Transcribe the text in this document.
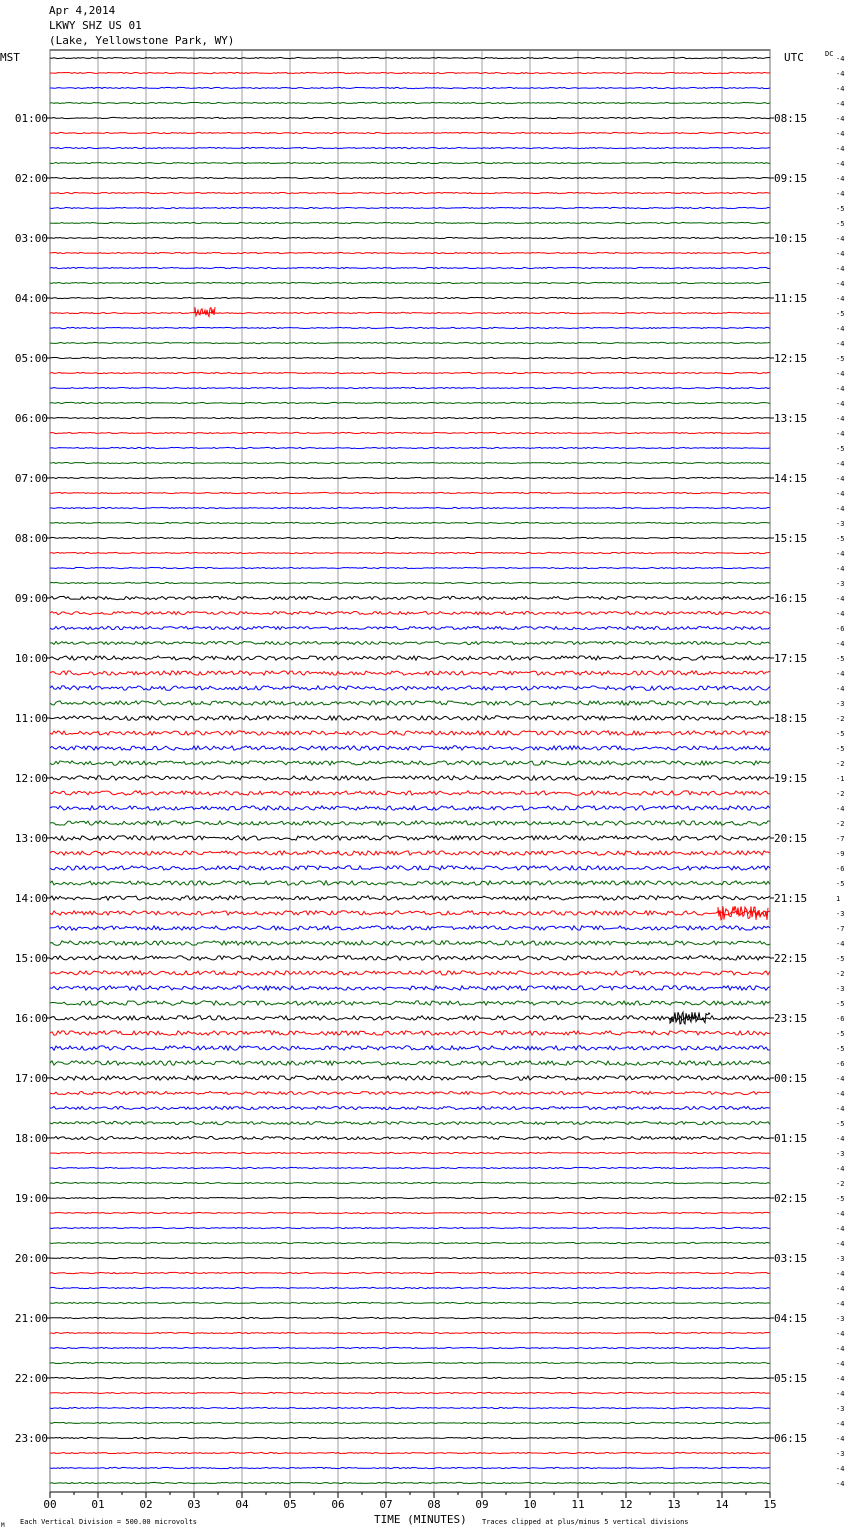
Apr 4,2014
LKWY SHZ US 01
(Lake, Yellowstone Park, WY)
00	01	02	03	04	05	06	07	08	09	10	11	12	13	14	15
-4
-4
-4
-4
-4
01:00	08:15
-4
-4
-4
-4
02:00	09:15
-4
-5
-5
-4
03:00	10:15
-4
-4
-4
-4
04:00	11:15
-5
-4
-4
-5
05:00	12:15
-4
-4
-4
-4
06:00	13:15
-4
-5
-4
-4
07:00	14:15
-4
-4
-3
-5
08:00	15:15
-4
-4
-3
-4
09:00	16:15
-4
-6
-4
-5
10:00	17:15
-4
-4
-3
-2
11:00	18:15
-5
-5
-2
-1
12:00	19:15
-2
-4
-2
-7
13:00	20:15
-9
-6
-5
1
14:00	21:15
-3
-7
-4
-5
15:00	22:15
-2
-3
-5
-6
16:00	23:15
-5
-5
-6
-4
17:00	00:15
-4
-4
-5
-4
18:00	01:15
-3
-4
-2
-5
19:00	02:15
-4
-4
-4
-3
20:00	03:15
-4
-4
-4
-3
21:00	04:15
-4
-4
-4
-4
22:00	05:15
-4
-3
-4
-4
23:00	06:15
-3
-4
-4
MST	UTC	DC
Each Vertical Division = 500.00 microvolts	TIME (MINUTES) Traces clipped at plus/minus 5 vertical divisions
M
